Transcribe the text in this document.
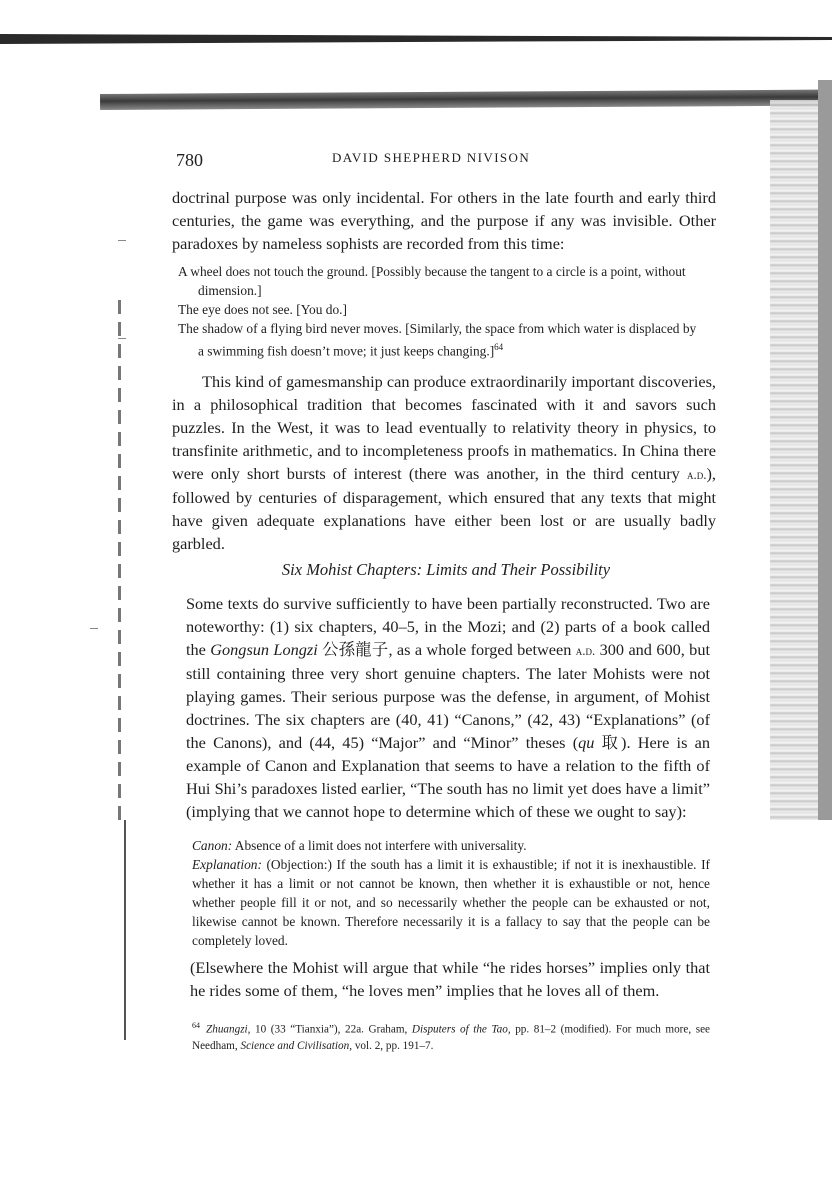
780	DAVID SHEPHERD NIVISON

doctrinal purpose was only incidental. For others in the late fourth and early third centuries, the game was everything, and the purpose if any was invisible. Other paradoxes by nameless sophists are recorded from this time:

A wheel does not touch the ground. [Possibly because the tangent to a circle is a point, without dimension.]
The eye does not see. [You do.]
The shadow of a flying bird never moves. [Similarly, the space from which water is displaced by a swimming fish doesn’t move; it just keeps changing.]$^{64}$

This kind of gamesmanship can produce extraordinarily important discoveries, in a philosophical tradition that becomes fascinated with it and savors such puzzles. In the West, it was to lead eventually to relativity theory in physics, to transfinite arithmetic, and to incompleteness proofs in mathematics. In China there were only short bursts of interest (there was another, in the third century a.d.), followed by centuries of disparagement, which ensured that any texts that might have given adequate explanations have either been lost or are usually badly garbled.

Six Mohist Chapters: Limits and Their Possibility

Some texts do survive sufficiently to have been partially reconstructed. Two are noteworthy: (1) six chapters, 40–5, in the Mozi; and (2) parts of a book called the Gongsun Longzi 公孫龍子, as a whole forged between a.d. 300 and 600, but still containing three very short genuine chapters. The later Mohists were not playing games. Their serious purpose was the defense, in argument, of Mohist doctrines. The six chapters are (40, 41) “Canons,” (42, 43) “Explanations” (of the Canons), and (44, 45) “Major” and “Minor” theses (qu 取). Here is an example of Canon and Explanation that seems to have a relation to the fifth of Hui Shi’s paradoxes listed earlier, “The south has no limit yet does have a limit” (implying that we cannot hope to determine which of these we ought to say):

Canon: Absence of a limit does not interfere with universality.

Explanation: (Objection:) If the south has a limit it is exhaustible; if not it is inexhaustible. If whether it has a limit or not cannot be known, then whether it is exhaustible or not, hence whether people fill it or not, and so necessarily whether the people can be exhausted or not, likewise cannot be known. Therefore necessarily it is a fallacy to say that the people can be completely loved.

(Elsewhere the Mohist will argue that while “he rides horses” implies only that he rides some of them, “he loves men” implies that he loves all of them.

$^{64}$ Zhuangzi, 10 (33 “Tianxia”), 22a. Graham, Disputers of the Tao, pp. 81–2 (modified). For much more, see Needham, Science and Civilisation, vol. 2, pp. 191–7.
